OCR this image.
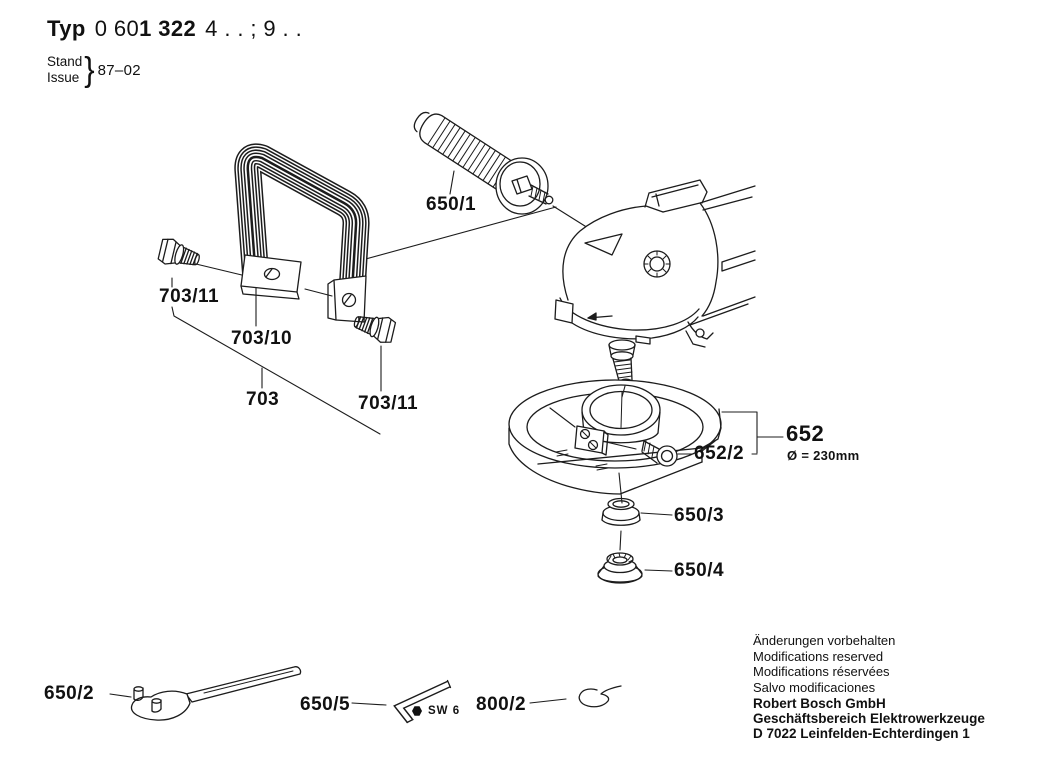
Typ 0 601 322 4 . . ; 9 . .
Stand
Issue } 87–02
703/11
703/10
703	703/11
650/1
652/2
652
Ø = 230mm
650/3
650/4
650/2
650/5	SW 6 800/2
Änderungen vorbehalten
Modifications reserved
Modifications réservées
Salvo modificaciones
Robert Bosch GmbH
Geschäftsbereich Elektrowerkzeuge
D 7022 Leinfelden-Echterdingen 1
